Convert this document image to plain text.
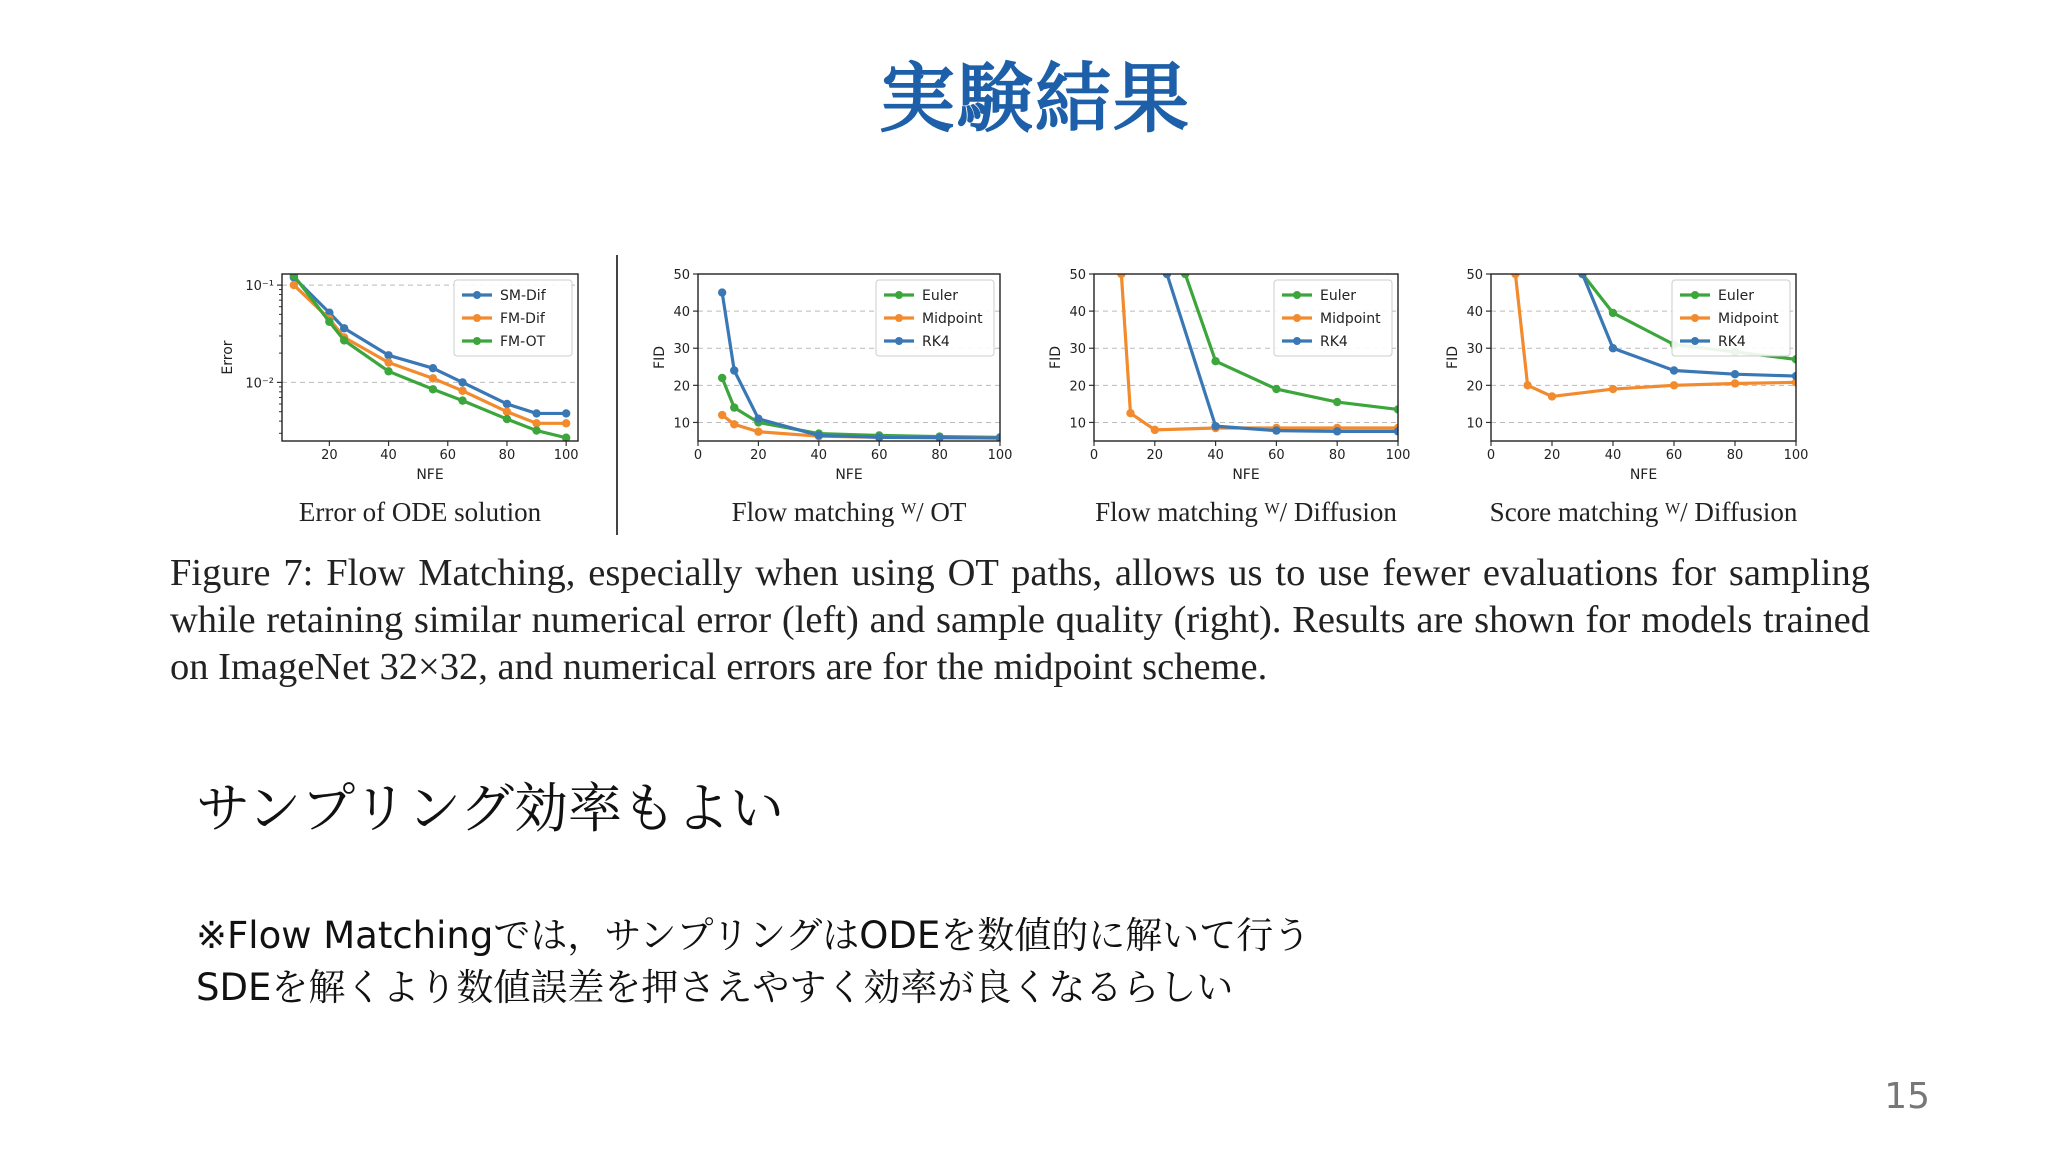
実験結果
10⁻¹
10⁻²
20	40	60	80	100
NFE
Error
SM-Dif
FM-Dif
FM-OT
Error of ODE solution
10
20
30
40
50
0	20	40	60	80	100
NFE
FID
Euler
Midpoint
RK4
Flow matching ᵂ/ OT
10
20
30
40
50
0	20	40	60	80	100
NFE
FID
Euler
Midpoint
RK4
Flow matching ᵂ/ Diffusion
10
20
30
40
50
0	20	40	60	80	100
NFE
FID
Euler
Midpoint
RK4
Score matching ᵂ/ Diffusion
Figure 7: Flow Matching, especially when using OT paths, allows us to use fewer evaluations for sampling while retaining similar numerical error (left) and sample quality (right). Results are shown for models trained on ImageNet 32×32, and numerical errors are for the midpoint scheme.
サンプリング効率もよい
※Flow Matchingでは，サンプリングはODEを数値的に解いて行う
SDEを解くより数値誤差を押さえやすく効率が良くなるらしい
15
